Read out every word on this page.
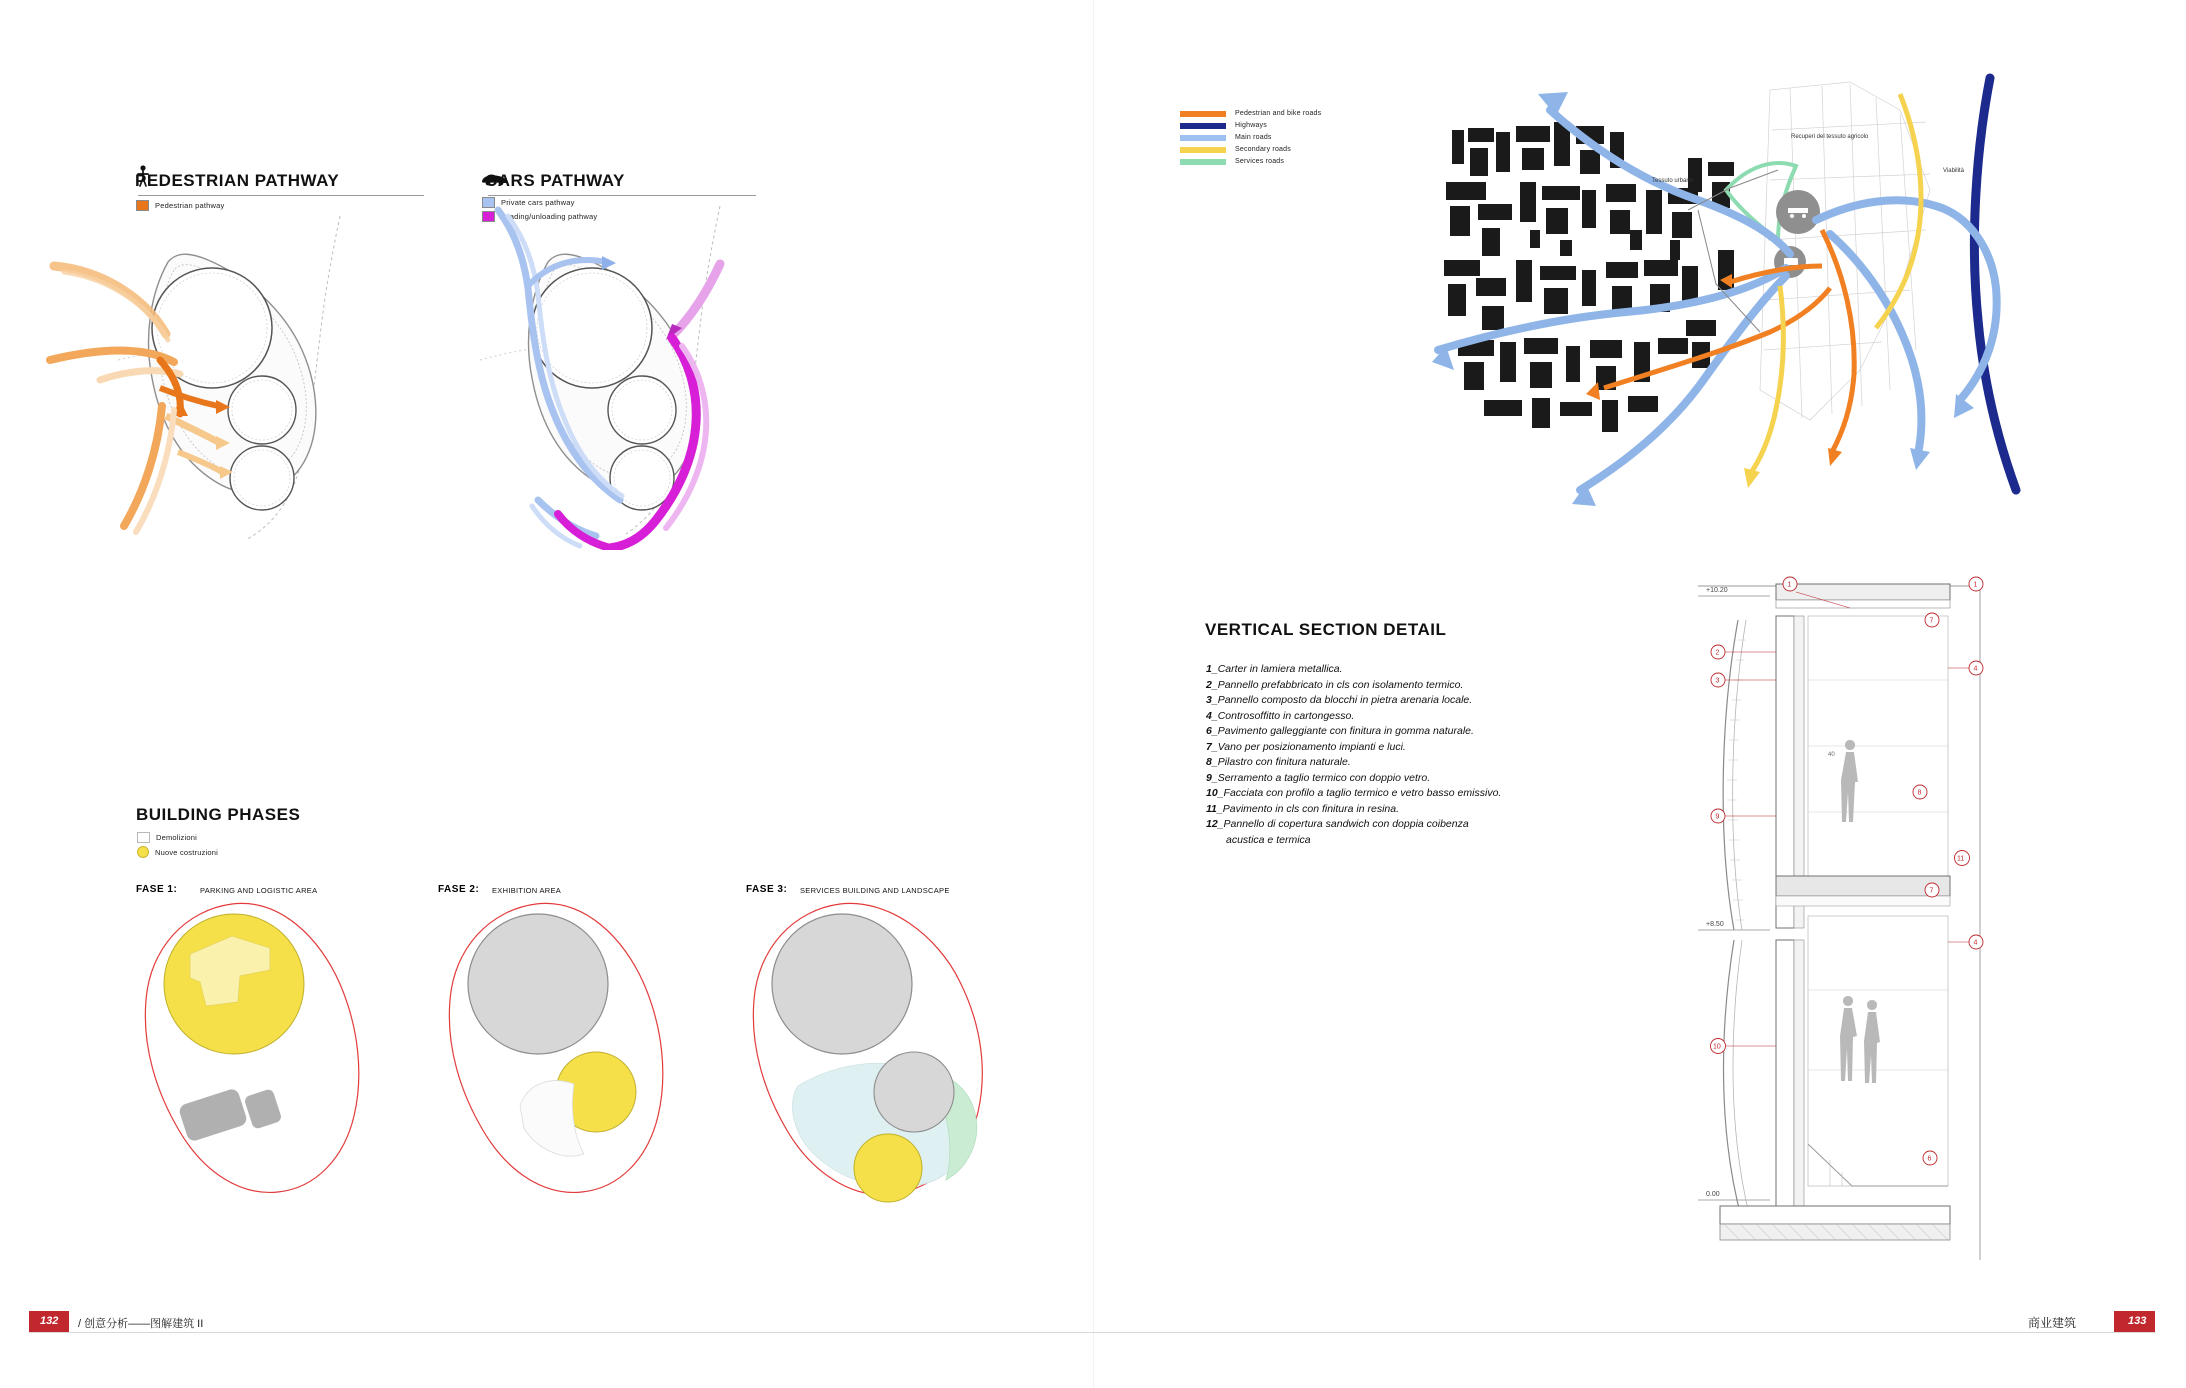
PEDESTRIAN PATHWAY
Pedestrian pathway
CARS PATHWAY
Private cars pathway
Loading/unloading pathway
BUILDING PHASES
Demolizioni
Nuove costruzioni
FASE 1:	PARKING AND LOGISTIC AREA	FASE 2: EXHIBITION AREA	FASE 3: SERVICES BUILDING AND LANDSCAPE
Pedestrian and bike roads
Highways
Main roads
Secondary roads
Services roads
Recuperi del tessuto agricolo
Tessuto urbano
Viabilità
VERTICAL SECTION DETAIL
1_Carter in lamiera metallica.
2_Pannello prefabbricato in cls con isolamento termico.
3_Pannello composto da blocchi in pietra arenaria locale.
4_Controsoffitto in cartongesso.
6_Pavimento galleggiante con finitura in gomma naturale.
7_Vano per posizionamento impianti e luci.
8_Pilastro con finitura naturale.
9_Serramento a taglio termico con doppio vetro.
10_Facciata con profilo a taglio termico e vetro basso emissivo.
11_Pavimento in cls con finitura in resina.
12_Pannello di copertura sandwich con doppia coibenza
acustica e termica
+10.20
+8.50
0.00
1	1
2
3
7
4
8
9
11
7
4
10
6
40
132 / 创意分析——图解建筑 II	商业建筑	133
